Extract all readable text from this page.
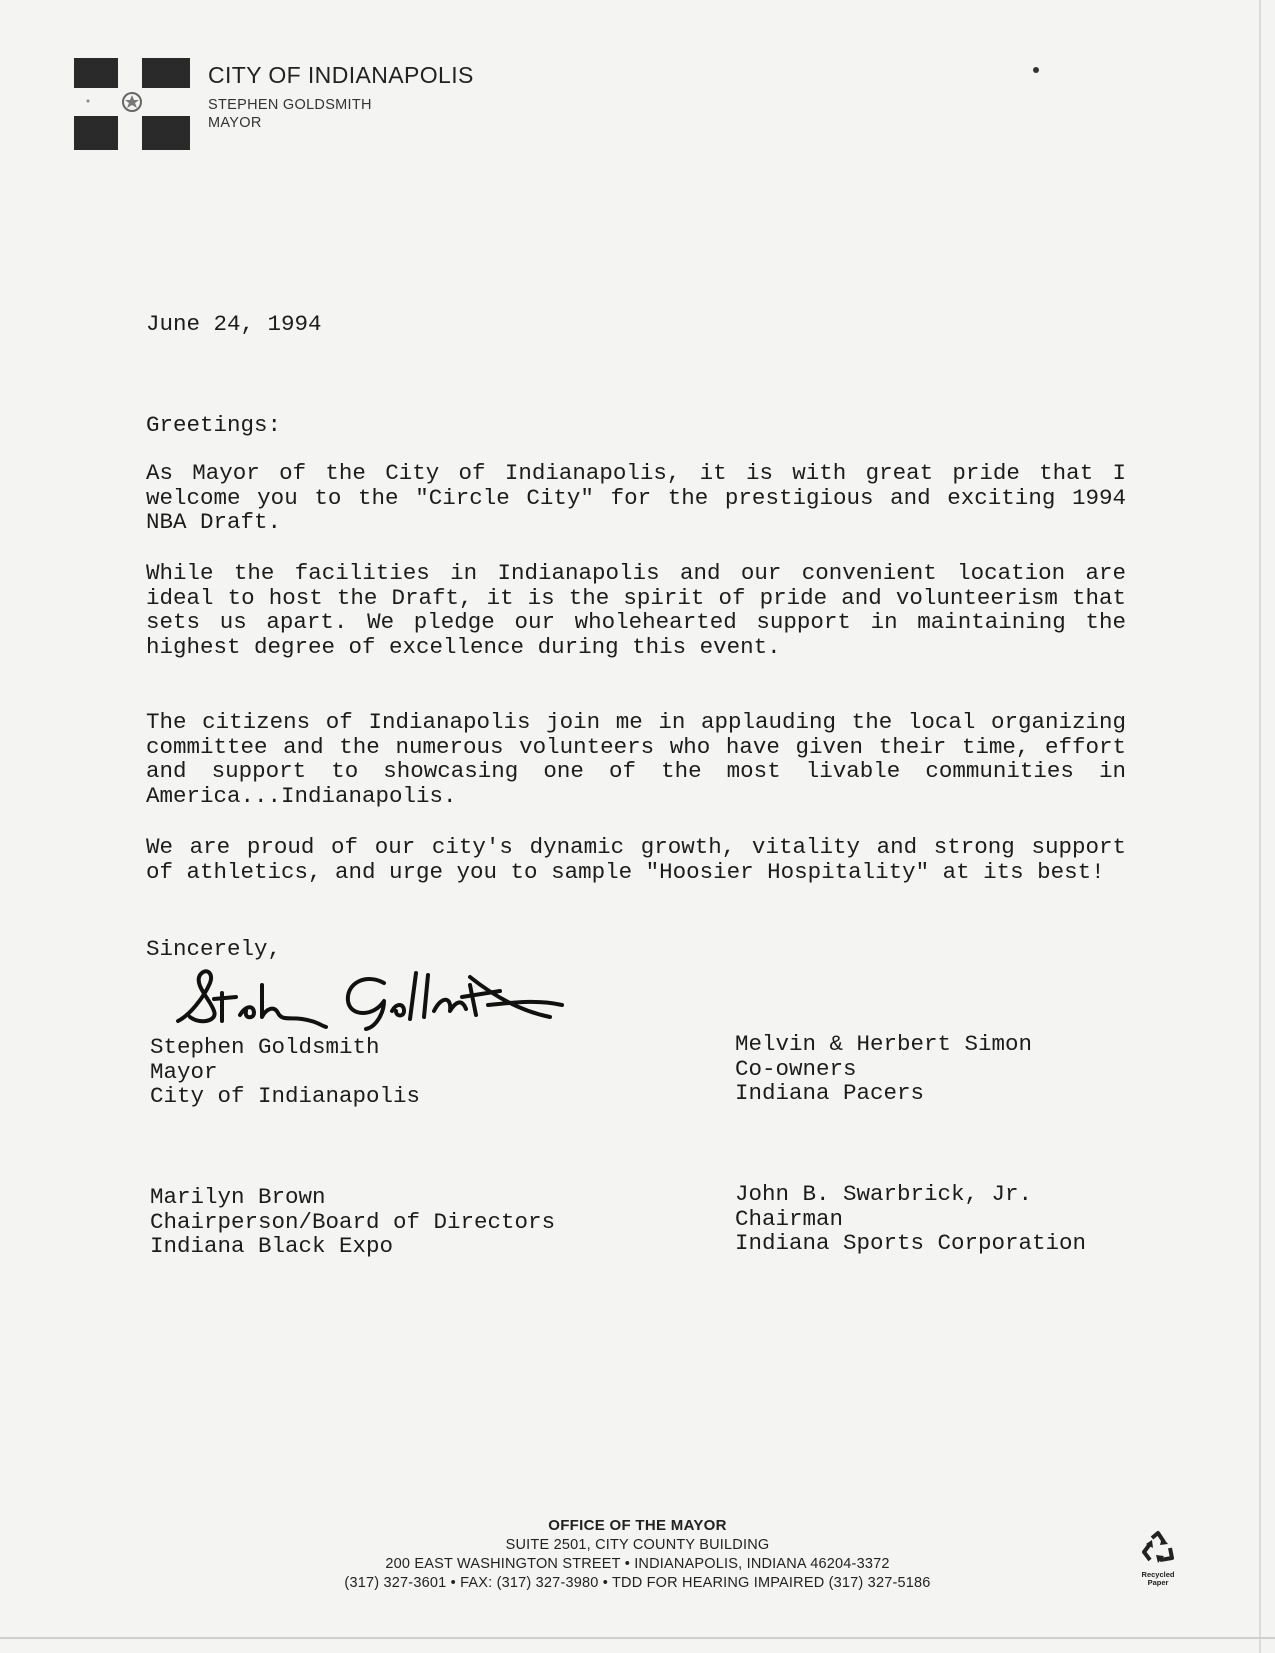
CITY OF INDIANAPOLIS
STEPHEN GOLDSMITH
MAYOR
June 24, 1994
Greetings:
As Mayor of the City of Indianapolis, it is with great pride that I welcome you to the "Circle City" for the prestigious and exciting 1994 NBA Draft.
While the facilities in Indianapolis and our convenient location are ideal to host the Draft, it is the spirit of pride and volunteerism that sets us apart. We pledge our wholehearted support in maintaining the highest degree of excellence during this event.
The citizens of Indianapolis join me in applauding the local organizing committee and the numerous volunteers who have given their time, effort and support to showcasing one of the most livable communities in America...Indianapolis.
We are proud of our city's dynamic growth, vitality and strong support of athletics, and urge you to sample "Hoosier Hospitality" at its best!
Sincerely,
Stephen Goldsmith
Mayor
City of Indianapolis
Melvin & Herbert Simon
Co-owners
Indiana Pacers
Marilyn Brown
Chairperson/Board of Directors
Indiana Black Expo
John B. Swarbrick, Jr.
Chairman
Indiana Sports Corporation
OFFICE OF THE MAYOR
SUITE 2501, CITY COUNTY BUILDING
200 EAST WASHINGTON STREET • INDIANAPOLIS, INDIANA 46204-3372
(317) 327-3601 • FAX: (317) 327-3980 • TDD FOR HEARING IMPAIRED (317) 327-5186
Recycled
Paper
